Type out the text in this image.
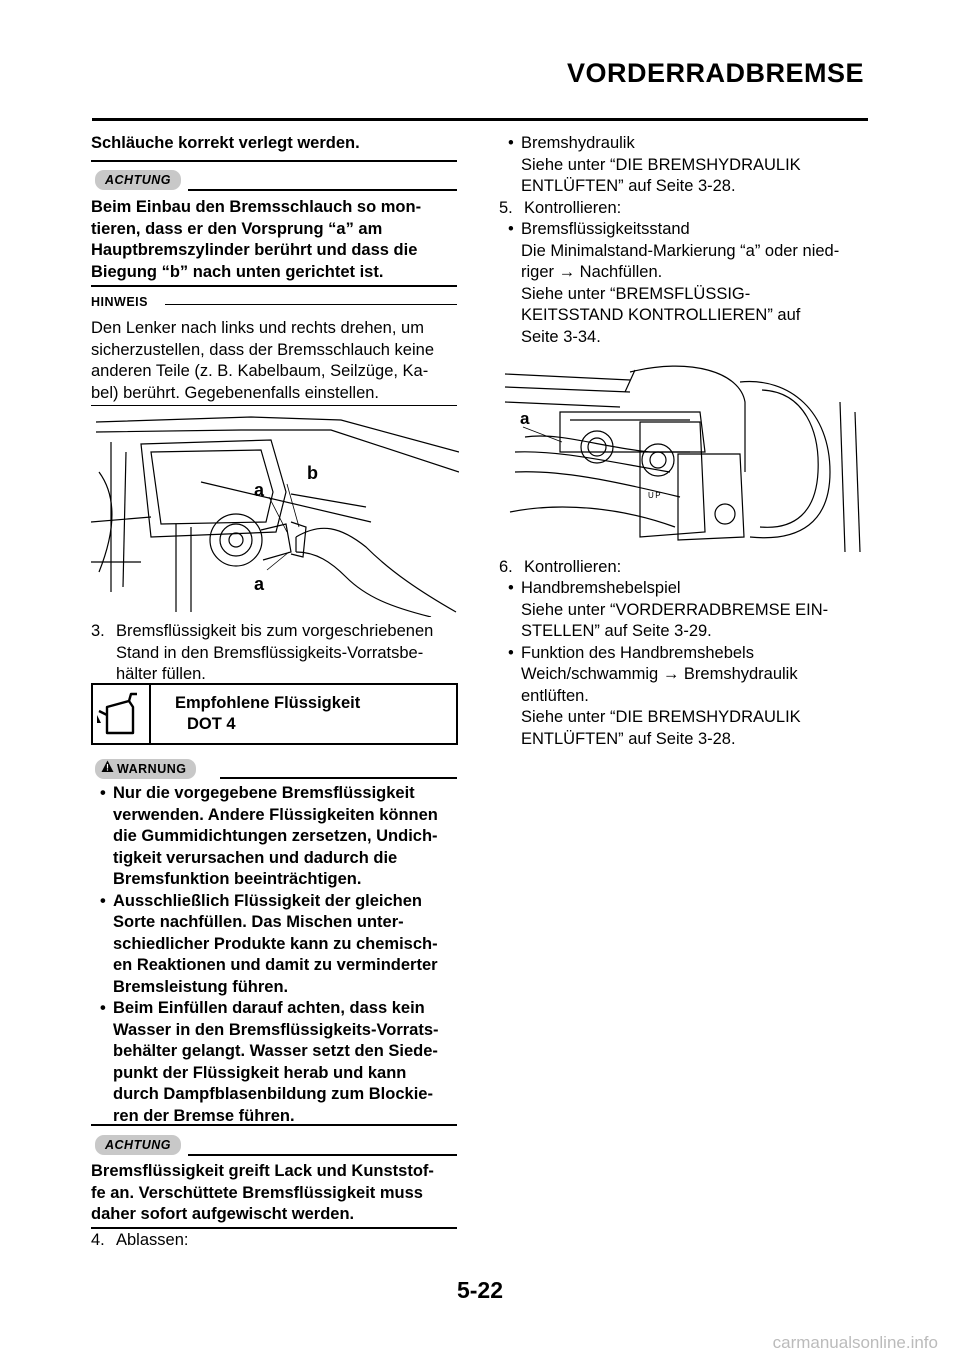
VORDERRADBREMSE
Schläuche korrekt verlegt werden.
ACHTUNG
Beim Einbau den Bremsschlauch so mon-
tieren, dass er den Vorsprung “a” am
Hauptbremszylinder berührt und dass die
Biegung “b” nach unten gerichtet ist.
HINWEIS
Den Lenker nach links und rechts drehen, um
sicherzustellen, dass der Bremsschlauch keine
anderen Teile (z. B. Kabelbaum, Seilzüge, Ka-
bel) berührt. Gegebenenfalls einstellen.
a
b
a
3. Bremsflüssigkeit bis zum vorgeschriebenen
Stand in den Bremsflüssigkeits-Vorratsbe-
hälter füllen.
Empfohlene Flüssigkeit
DOT 4
WARNUNG
• Nur die vorgegebene Bremsflüssigkeit
verwenden. Andere Flüssigkeiten können
die Gummidichtungen zersetzen, Undich-
tigkeit verursachen und dadurch die
Bremsfunktion beeinträchtigen.
• Ausschließlich Flüssigkeit der gleichen
Sorte nachfüllen. Das Mischen unter-
schiedlicher Produkte kann zu chemisch-
en Reaktionen und damit zu verminderter
Bremsleistung führen.
• Beim Einfüllen darauf achten, dass kein
Wasser in den Bremsflüssigkeits-Vorrats-
behälter gelangt. Wasser setzt den Siede-
punkt der Flüssigkeit herab und kann
durch Dampfblasenbildung zum Blockie-
ren der Bremse führen.
ACHTUNG
Bremsflüssigkeit greift Lack und Kunststof-
fe an. Verschüttete Bremsflüssigkeit muss
daher sofort aufgewischt werden.
4. Ablassen:
• Bremshydraulik
Siehe unter “DIE BREMSHYDRAULIK
ENTLÜFTEN” auf Seite 3-28.
5. Kontrollieren:
• Bremsflüssigkeitsstand
Die Minimalstand-Markierung “a” oder nied-
riger → Nachfüllen.
Siehe unter “BREMSFLÜSSIG-
KEITSSTAND KONTROLLIEREN” auf
Seite 3-34.
a
UP
6. Kontrollieren:
• Handbremshebelspiel
Siehe unter “VORDERRADBREMSE EIN-
STELLEN” auf Seite 3-29.
• Funktion des Handbremshebels
Weich/schwammig → Bremshydraulik
entlüften.
Siehe unter “DIE BREMSHYDRAULIK
ENTLÜFTEN” auf Seite 3-28.
5-22
carmanualsonline.info
